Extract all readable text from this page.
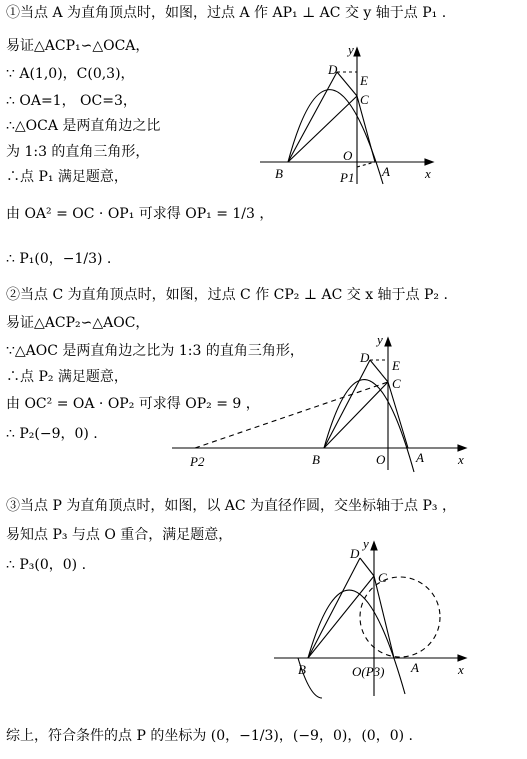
①当点 A 为直角顶点时，如图，过点 A 作 AP₁ ⊥ AC 交 y 轴于点 P₁ .
易证△ACP₁∽△OCA，
∵ A(1,0)，C(0,3)，
∴ OA=1， OC=3，
∴△OCA 是两直角边之比
为 1:3 的直角三角形，
∴点 P₁ 满足题意，
由 OA² = OC · OP₁ 可求得 OP₁ = 1/3 ，
∴ P₁(0，−1/3) .
y
x
D
E
C
O
B	A
P1
②当点 C 为直角顶点时，如图，过点 C 作 CP₂ ⊥ AC 交 x 轴于点 P₂ .
易证△ACP₂∽△AOC，
∵△AOC 是两直角边之比为 1:3 的直角三角形，
∴点 P₂ 满足题意，
由 OC² = OA · OP₂ 可求得 OP₂ = 9 ，
∴ P₂(−9，0) .
y
x
D
E
C
O
B	A
P2
③当点 P 为直角顶点时，如图，以 AC 为直径作圆，交坐标轴于点 P₃ ，
易知点 P₃ 与点 O 重合，满足题意，
∴ P₃(0，0) .
y
x
D
C
B	O(P3) A
综上，符合条件的点 P 的坐标为 (0，−1/3)，(−9，0)，(0，0) .
